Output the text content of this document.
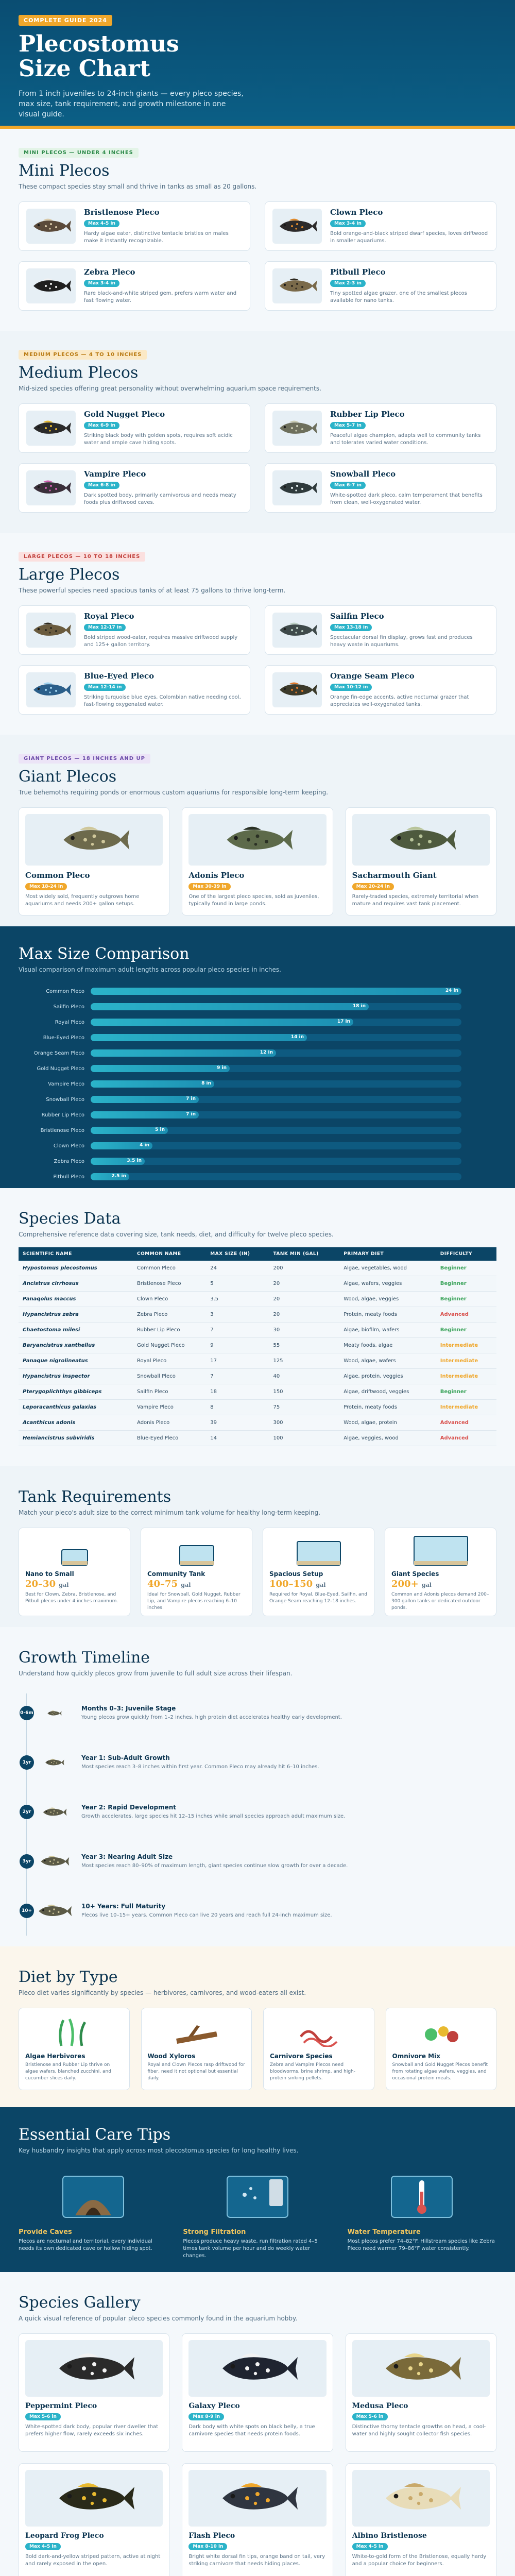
COMPLETE GUIDE 2024
Plecostomus Size Chart

From 1 inch juveniles to 24-inch giants — every pleco species, max size, tank requirement, and growth milestone in one visual guide.

MINI PLECOS — UNDER 4 INCHES
Mini Plecos
These compact species stay small and thrive in tanks as small as 20 gallons.
Bristlenose Pleco
Max 4-5 in
Hardy algae eater, distinctive tentacle bristles on males make it instantly recognizable.
Clown Pleco
Max 3-4 in
Bold orange-and-black striped dwarf species, loves driftwood in smaller aquariums.
Zebra Pleco
Max 3-4 in
Rare black-and-white striped gem, prefers warm water and fast flowing water.
Pitbull Pleco
Max 2-3 in
Tiny spotted algae grazer, one of the smallest plecos available for nano tanks.
MEDIUM PLECOS — 4 TO 10 INCHES
Medium Plecos
Mid-sized species offering great personality without overwhelming aquarium space requirements.
Gold Nugget Pleco
Max 6-9 in
Striking black body with golden spots, requires soft acidic water and ample cave hiding spots.
Rubber Lip Pleco
Max 5-7 in
Peaceful algae champion, adapts well to community tanks and tolerates varied water conditions.
Vampire Pleco
Max 6-8 in
Dark spotted body, primarily carnivorous and needs meaty foods plus driftwood caves.
Snowball Pleco
Max 6-7 in
White-spotted dark pleco, calm temperament that benefits from clean, well-oxygenated water.
LARGE PLECOS — 10 TO 18 INCHES
Large Plecos
These powerful species need spacious tanks of at least 75 gallons to thrive long-term.
Royal Pleco
Max 12-17 in
Bold striped wood-eater, requires massive driftwood supply and 125+ gallon territory.
Sailfin Pleco
Max 13-18 in
Spectacular dorsal fin display, grows fast and produces heavy waste in aquariums.
Blue-Eyed Pleco
Max 12-14 in
Striking turquoise blue eyes, Colombian native needing cool, fast-flowing oxygenated water.
Orange Seam Pleco
Max 10-12 in
Orange fin-edge accents, active nocturnal grazer that appreciates well-oxygenated tanks.
GIANT PLECOS — 18 INCHES AND UP
Giant Plecos
True behemoths requiring ponds or enormous custom aquariums for responsible long-term keeping.
Common Pleco
Max 18-24 in
Most widely sold, frequently outgrows home aquariums and needs 200+ gallon setups.
Adonis Pleco
Max 30-39 in
One of the largest pleco species, sold as juveniles, typically found in large ponds.
Sacharmouth Giant
Max 20-24 in
Rarely-traded species, extremely territorial when mature and requires vast tank placement.
Max Size Comparison
Visual comparison of maximum adult lengths across popular pleco species in inches.
Common Pleco	24 in
Sailfin Pleco	18 in
Royal Pleco	17 in
Blue-Eyed Pleco	14 in
Orange Seam Pleco	12 in
Gold Nugget Pleco	9 in
Vampire Pleco	8 in
Snowball Pleco	7 in
Rubber Lip Pleco	7 in
Bristlenose Pleco	5 in
Clown Pleco	4 in
Zebra Pleco	3.5 in
Pitbull Pleco	2.5 in
Species Data
Comprehensive reference data covering size, tank needs, diet, and difficulty for twelve pleco species.
SCIENTIFIC NAME	COMMON NAME	MAX SIZE (IN)	TANK MIN (GAL)	PRIMARY DIET	DIFFICULTY
Hypostomus plecostomus	Common Pleco	24	200	Algae, vegetables, wood	Beginner
Ancistrus cirrhosus	Bristlenose Pleco	5	20	Algae, wafers, veggies	Beginner
Panaqolus maccus	Clown Pleco	3.5	20	Wood, algae, veggies	Beginner
Hypancistrus zebra	Zebra Pleco	3	20	Protein, meaty foods	Advanced
Chaetostoma milesi	Rubber Lip Pleco	7	30	Algae, biofilm, wafers	Beginner
Baryancistrus xanthellus	Gold Nugget Pleco	9	55	Meaty foods, algae	Intermediate
Panaque nigrolineatus	Royal Pleco	17	125	Wood, algae, wafers	Intermediate
Hypancistrus inspector	Snowball Pleco	7	40	Algae, protein, veggies	Intermediate
Pterygoplichthys gibbiceps	Sailfin Pleco	18	150	Algae, driftwood, veggies	Beginner
Leporacanthicus galaxias	Vampire Pleco	8	75	Protein, meaty foods	Intermediate
Acanthicus adonis	Adonis Pleco	39	300	Wood, algae, protein	Advanced
Hemiancistrus subviridis	Blue-Eyed Pleco	14	100	Algae, veggies, wood	Advanced
Tank Requirements
Match your pleco's adult size to the correct minimum tank volume for healthy long-term keeping.
Nano to Small
20–30 gal
Best for Clown, Zebra, Bristlenose, and Pitbull plecos under 4 inches maximum.
Community Tank
40–75 gal
Ideal for Snowball, Gold Nugget, Rubber Lip, and Vampire plecos reaching 6–10 inches.
Spacious Setup
100–150 gal
Required for Royal, Blue-Eyed, Sailfin, and Orange Seam reaching 12–18 inches.
Giant Species
200+ gal
Common and Adonis plecos demand 200–300 gallon tanks or dedicated outdoor ponds.
Growth Timeline
Understand how quickly plecos grow from juvenile to full adult size across their lifespan.
0-6m
Months 0–3: Juvenile Stage
Young plecos grow quickly from 1–2 inches, high protein diet accelerates healthy early development.
1yr
Year 1: Sub-Adult Growth
Most species reach 3–8 inches within first year. Common Pleco may already hit 6–10 inches.
2yr
Year 2: Rapid Development
Growth accelerates, large species hit 12–15 inches while small species approach adult maximum size.
3yr
Year 3: Nearing Adult Size
Most species reach 80–90% of maximum length, giant species continue slow growth for over a decade.
10+
10+ Years: Full Maturity
Plecos live 10–15+ years. Common Pleco can live 20 years and reach full 24-inch maximum size.
Diet by Type
Pleco diet varies significantly by species — herbivores, carnivores, and wood-eaters all exist.
Algae Herbivores
Bristlenose and Rubber Lip thrive on algae wafers, blanched zucchini, and cucumber slices daily.
Wood Xyloros
Royal and Clown Plecos rasp driftwood for fiber, need it not optional but essential daily.
Carnivore Species
Zebra and Vampire Plecos need bloodworms, brine shrimp, and high-protein sinking pellets.
Omnivore Mix
Snowball and Gold Nugget Plecos benefit from rotating algae wafers, veggies, and occasional protein meals.
Essential Care Tips
Key husbandry insights that apply across most plecostomus species for long healthy lives.
Provide Caves
Plecos are nocturnal and territorial, every individual needs its own dedicated cave or hollow hiding spot.
Strong Filtration
Plecos produce heavy waste, run filtration rated 4–5 times tank volume per hour and do weekly water changes.
Water Temperature
Most plecos prefer 74–82°F. Hillstream species like Zebra Pleco need warmer 79–86°F water consistently.
Species Gallery
A quick visual reference of popular pleco species commonly found in the aquarium hobby.
Peppermint Pleco
Max 5-6 in
White-spotted dark body, popular river dweller that prefers higher flow, rarely exceeds six inches.
Galaxy Pleco
Max 8-9 in
Dark body with white spots on black belly, a true carnivore species that needs protein foods.
Medusa Pleco
Max 5-6 in
Distinctive thorny tentacle growths on head, a cool-water and highly sought collector fish species.
Leopard Frog Pleco
Max 4-5 in
Bold dark-and-yellow striped pattern, active at night and rarely exposed in the open.
Flash Pleco
Max 8-10 in
Bright white dorsal fin tips, orange band on tail, very striking carnivore that needs hiding places.
Albino Bristlenose
Max 4-5 in
White-to-gold form of the Bristlenose, equally hardy and a popular choice for beginners.
